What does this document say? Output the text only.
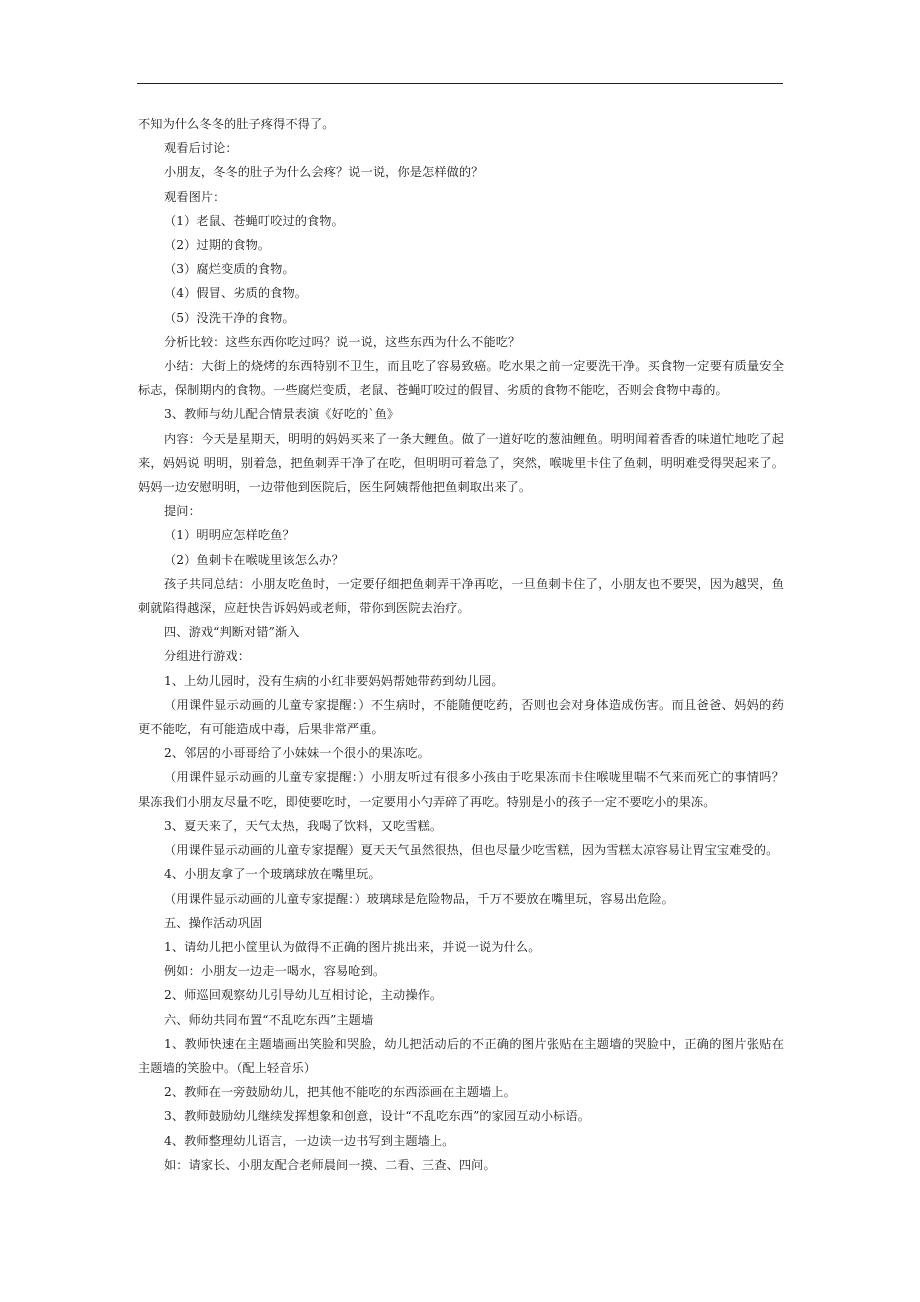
不知为什么冬冬的肚子疼得不得了。

观看后讨论：

小朋友，冬冬的肚子为什么会疼？说一说，你是怎样做的？

观看图片：

（1）老鼠、苍蝇叮咬过的食物。

（2）过期的食物。

（3）腐烂变质的食物。

（4）假冒、劣质的食物。

（5）没洗干净的食物。

分析比较：这些东西你吃过吗？说一说，这些东西为什么不能吃？

小结：大街上的烧烤的东西特别不卫生，而且吃了容易致癌。吃水果之前一定要洗干净。买食物一定要有质量安全标志，保制期内的食物。一些腐烂变质，老鼠、苍蝇叮咬过的假冒、劣质的食物不能吃，否则会食物中毒的。

3、教师与幼儿配合情景表演《好吃的`鱼》

内容：今天是星期天，明明的妈妈买来了一条大鲤鱼。做了一道好吃的葱油鲤鱼。明明闻着香香的味道忙地吃了起来，妈妈说 明明，别着急，把鱼刺弄干净了在吃，但明明可着急了，突然，喉咙里卡住了鱼刺，明明难受得哭起来了。妈妈一边安慰明明，一边带他到医院后，医生阿姨帮他把鱼刺取出来了。

提问：

（1）明明应怎样吃鱼？

（2）鱼刺卡在喉咙里该怎么办？

孩子共同总结：小朋友吃鱼时，一定要仔细把鱼刺弄干净再吃，一旦鱼刺卡住了，小朋友也不要哭，因为越哭，鱼刺就陷得越深，应赶快告诉妈妈或老师，带你到医院去治疗。

四、游戏“判断对错”渐入

分组进行游戏：

1、上幼儿园时，没有生病的小红非要妈妈帮她带药到幼儿园。

（用课件显示动画的儿童专家提醒：）不生病时，不能随便吃药，否则也会对身体造成伤害。而且爸爸、妈妈的药更不能吃，有可能造成中毒，后果非常严重。

2、邻居的小哥哥给了小妹妹一个很小的果冻吃。

（用课件显示动画的儿童专家提醒：）小朋友听过有很多小孩由于吃果冻而卡住喉咙里喘不气来而死亡的事情吗？果冻我们小朋友尽量不吃，即使要吃时，一定要用小勺弄碎了再吃。特别是小的孩子一定不要吃小的果冻。

3、夏天来了，天气太热，我喝了饮料，又吃雪糕。

（用课件显示动画的儿童专家提醒）夏天天气虽然很热，但也尽量少吃雪糕，因为雪糕太凉容易让胃宝宝难受的。

4、小朋友拿了一个玻璃球放在嘴里玩。

（用课件显示动画的儿童专家提醒：）玻璃球是危险物品，千万不要放在嘴里玩，容易出危险。

五、操作活动巩固

1、请幼儿把小筐里认为做得不正确的图片挑出来，并说一说为什么。

例如：小朋友一边走一喝水，容易呛到。

2、师巡回观察幼儿引导幼儿互相讨论，主动操作。

六、师幼共同布置“不乱吃东西”主题墙

1、教师快速在主题墙画出笑脸和哭脸，幼儿把活动后的不正确的图片张贴在主题墙的哭脸中，正确的图片张贴在主题墙的笑脸中。（配上轻音乐）

2、教师在一旁鼓励幼儿，把其他不能吃的东西添画在主题墙上。

3、教师鼓励幼儿继续发挥想象和创意，设计“不乱吃东西”的家园互动小标语。

4、教师整理幼儿语言，一边读一边书写到主题墙上。

如：请家长、小朋友配合老师晨间一摸、二看、三查、四问。
